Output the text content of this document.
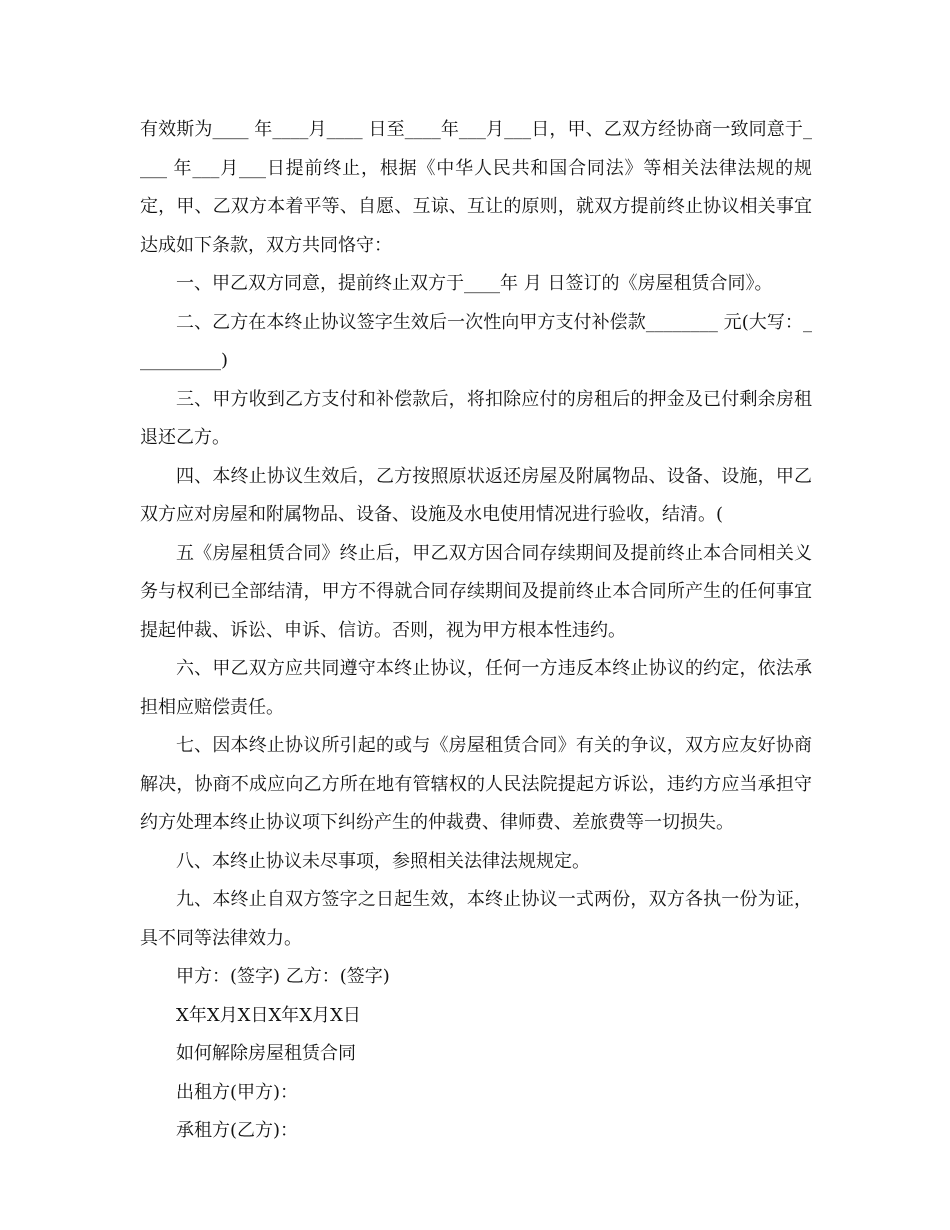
有效斯为____ 年____月____ 日至____年___月___日，甲、乙双方经协商一致同意于____ 年___月___日提前终止，根据《中华人民共和国合同法》等相关法律法规的规定，甲、乙双方本着平等、自愿、互谅、互让的原则，就双方提前终止协议相关事宜达成如下条款，双方共同恪守：

一、甲乙双方同意，提前终止双方于____年 月 日签订的《房屋租赁合同》。

二、乙方在本终止协议签字生效后一次性向甲方支付补偿款________ 元(大写：__________)

三、甲方收到乙方支付和补偿款后，将扣除应付的房租后的押金及已付剩余房租退还乙方。

四、本终止协议生效后，乙方按照原状返还房屋及附属物品、设备、设施，甲乙双方应对房屋和附属物品、设备、设施及水电使用情况进行验收，结清。(

五《房屋租赁合同》终止后，甲乙双方因合同存续期间及提前终止本合同相关义务与权利已全部结清，甲方不得就合同存续期间及提前终止本合同所产生的任何事宜提起仲裁、诉讼、申诉、信访。否则，视为甲方根本性违约。

六、甲乙双方应共同遵守本终止协议，任何一方违反本终止协议的约定，依法承担相应赔偿责任。

七、因本终止协议所引起的或与《房屋租赁合同》有关的争议，双方应友好协商解决，协商不成应向乙方所在地有管辖权的人民法院提起方诉讼，违约方应当承担守约方处理本终止协议项下纠纷产生的仲裁费、律师费、差旅费等一切损失。

八、本终止协议未尽事项，参照相关法律法规规定。

九、本终止自双方签字之日起生效，本终止协议一式两份，双方各执一份为证，具不同等法律效力。

甲方：(签字) 乙方：(签字)

X年X月X日X年X月X日

如何解除房屋租赁合同

出租方(甲方)：

承租方(乙方)：
